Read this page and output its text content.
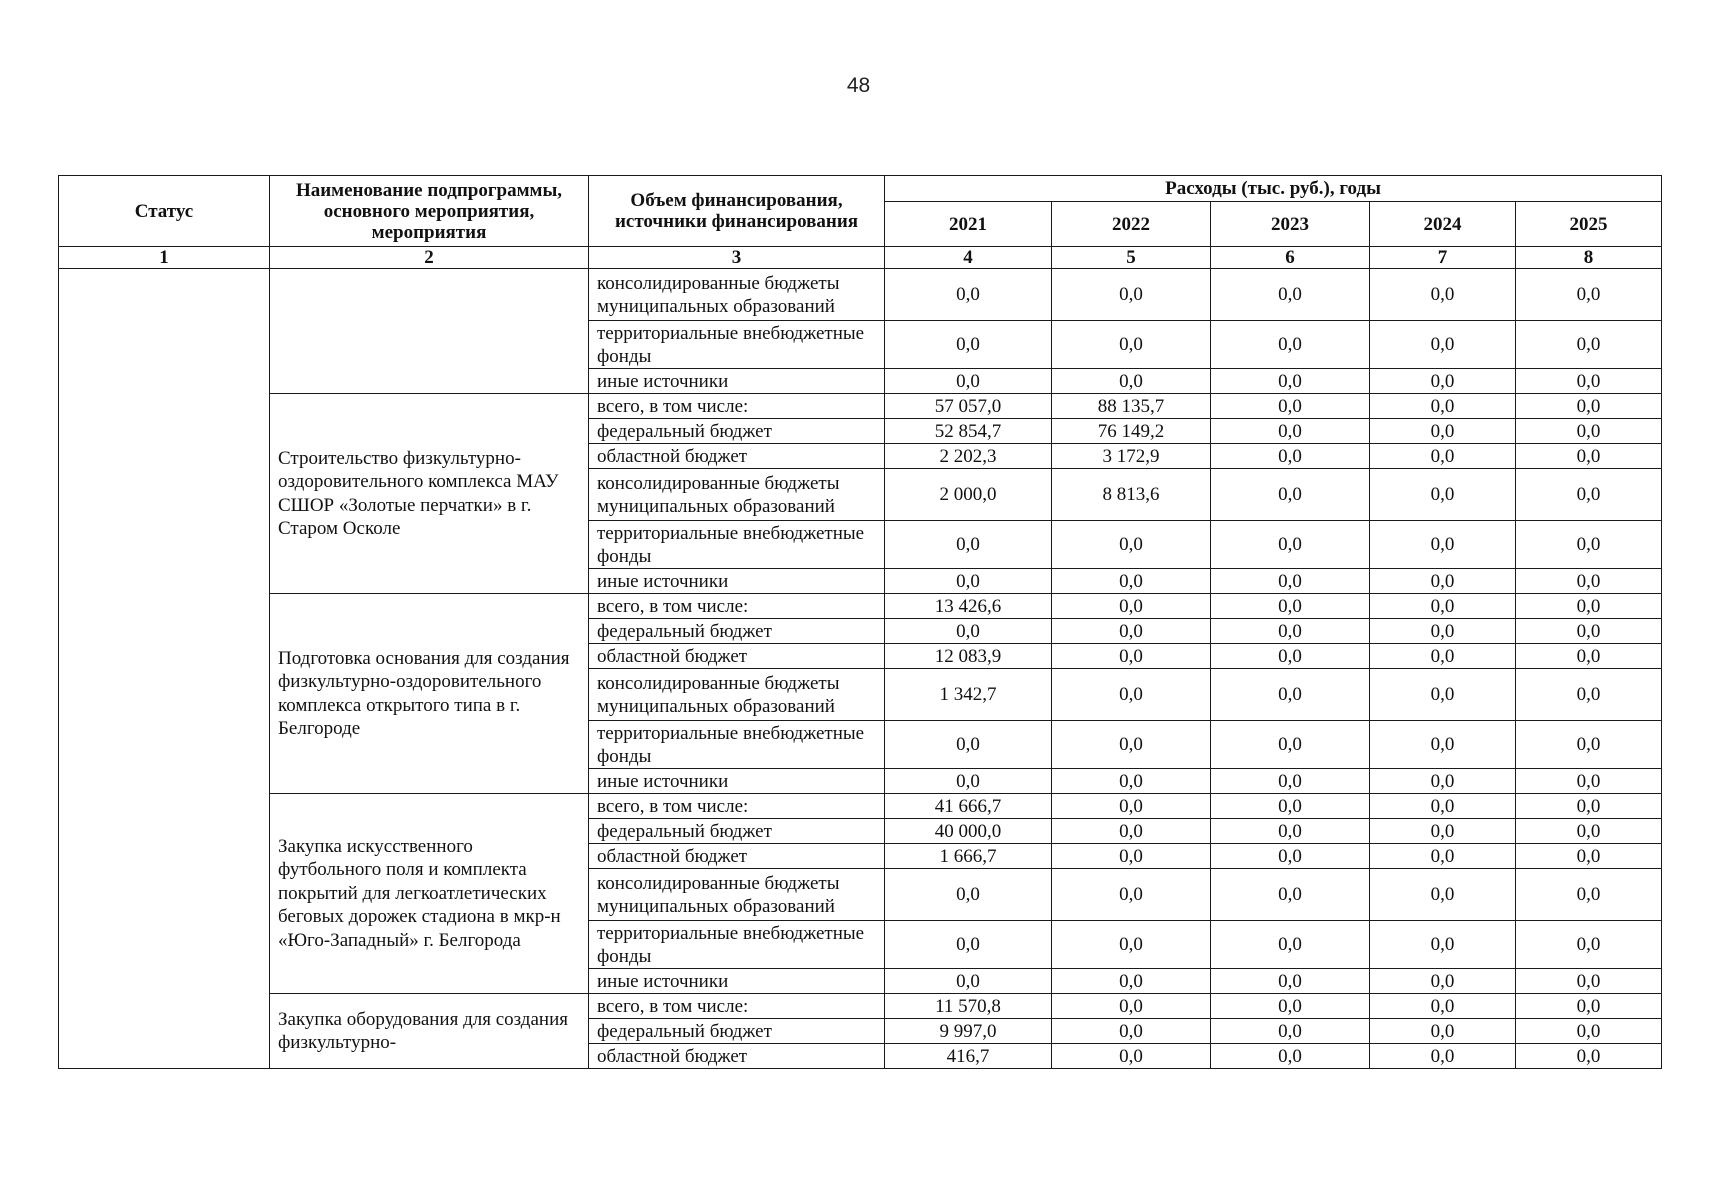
48
Статус	Наименование подпрограммы, основного мероприятия, мероприятия	Объем финансирования, источники финансирования	Расходы (тыс. руб.), годы				
			2021	2022	2023	2024	2025
1	2	3	4	5	6	7	8
		консолидированные бюджеты муниципальных образований	0,0	0,0	0,0	0,0	0,0
		территориальные внебюджетные фонды	0,0	0,0	0,0	0,0	0,0
		иные источники	0,0	0,0	0,0	0,0	0,0
	Строительство физкультурно-оздоровительного комплекса МАУ СШОР «Золотые перчатки» в г. Старом Осколе	всего, в том числе:	57 057,0	88 135,7	0,0	0,0	0,0
		федеральный бюджет	52 854,7	76 149,2	0,0	0,0	0,0
		областной бюджет	2 202,3	3 172,9	0,0	0,0	0,0
		консолидированные бюджеты муниципальных образований	2 000,0	8 813,6	0,0	0,0	0,0
		территориальные внебюджетные фонды	0,0	0,0	0,0	0,0	0,0
		иные источники	0,0	0,0	0,0	0,0	0,0
	Подготовка основания для создания физкультурно-оздоровительного комплекса открытого типа в г. Белгороде	всего, в том числе:	13 426,6	0,0	0,0	0,0	0,0
		федеральный бюджет	0,0	0,0	0,0	0,0	0,0
		областной бюджет	12 083,9	0,0	0,0	0,0	0,0
		консолидированные бюджеты муниципальных образований	1 342,7	0,0	0,0	0,0	0,0
		территориальные внебюджетные фонды	0,0	0,0	0,0	0,0	0,0
		иные источники	0,0	0,0	0,0	0,0	0,0
	Закупка искусственного футбольного поля и комплекта покрытий для легкоатлетических беговых дорожек стадиона в мкр-н «Юго-Западный» г. Белгорода	всего, в том числе:	41 666,7	0,0	0,0	0,0	0,0
		федеральный бюджет	40 000,0	0,0	0,0	0,0	0,0
		областной бюджет	1 666,7	0,0	0,0	0,0	0,0
		консолидированные бюджеты муниципальных образований	0,0	0,0	0,0	0,0	0,0
		территориальные внебюджетные фонды	0,0	0,0	0,0	0,0	0,0
		иные источники	0,0	0,0	0,0	0,0	0,0
	Закупка оборудования для создания физкультурно-	всего, в том числе:	11 570,8	0,0	0,0	0,0	0,0
		федеральный бюджет	9 997,0	0,0	0,0	0,0	0,0
		областной бюджет	416,7	0,0	0,0	0,0	0,0
